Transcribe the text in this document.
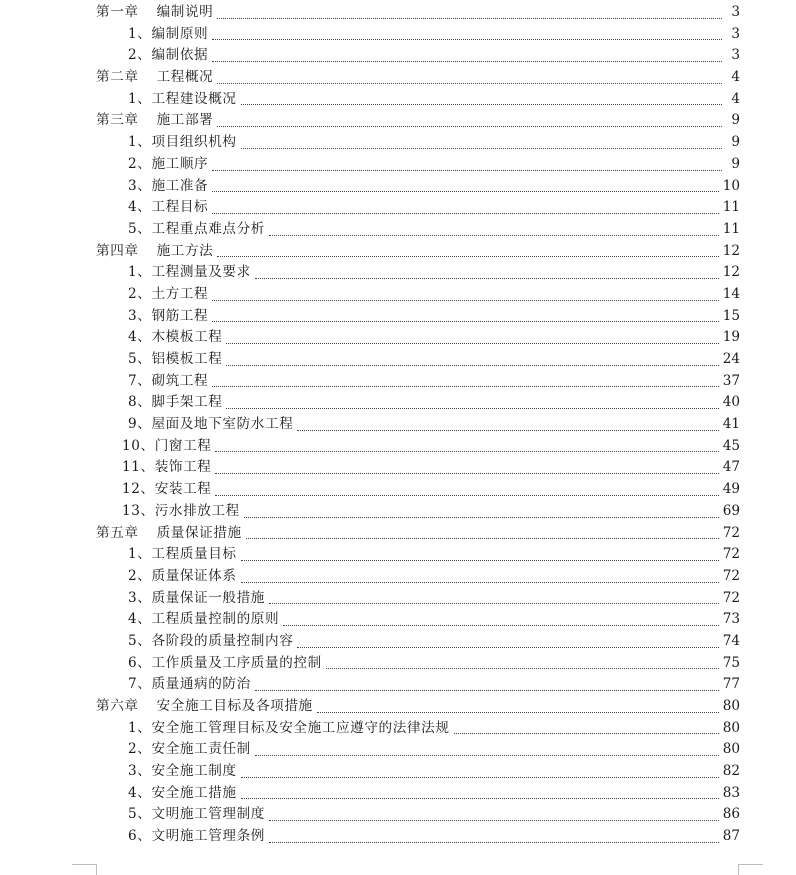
第一章 编制说明	3
1、 编制原则	3
2、 编制依据	3
第二章 工程概况	4
1、 工程建设概况	4
第三章 施工部署	9
1、 项目组织机构	9
2、 施工顺序	9
3、 施工准备	10
4、 工程目标	11
5、 工程重点难点分析	11
第四章 施工方法	12
1、 工程测量及要求	12
2、 土方工程	14
3、 钢筋工程	15
4、 木模板工程	19
5、 铝模板工程	24
7、 砌筑工程	37
8、 脚手架工程	40
9、 屋面及地下室防水工程	41
10、 门窗工程	45
11、 装饰工程	47
12、 安装工程	49
13、 污水排放工程	69
第五章 质量保证措施	72
1、 工程质量目标	72
2、 质量保证体系	72
3、 质量保证一般措施	72
4、 工程质量控制的原则	73
5、 各阶段的质量控制内容	74
6、 工作质量及工序质量的控制	75
7、 质量通病的防治	77
第六章 安全施工目标及各项措施	80
1、 安全施工管理目标及安全施工应遵守的法律法规	80
2、 安全施工责任制	80
3、 安全施工制度	82
4、 安全施工措施	83
5、 文明施工管理制度	86
6、 文明施工管理条例	87
